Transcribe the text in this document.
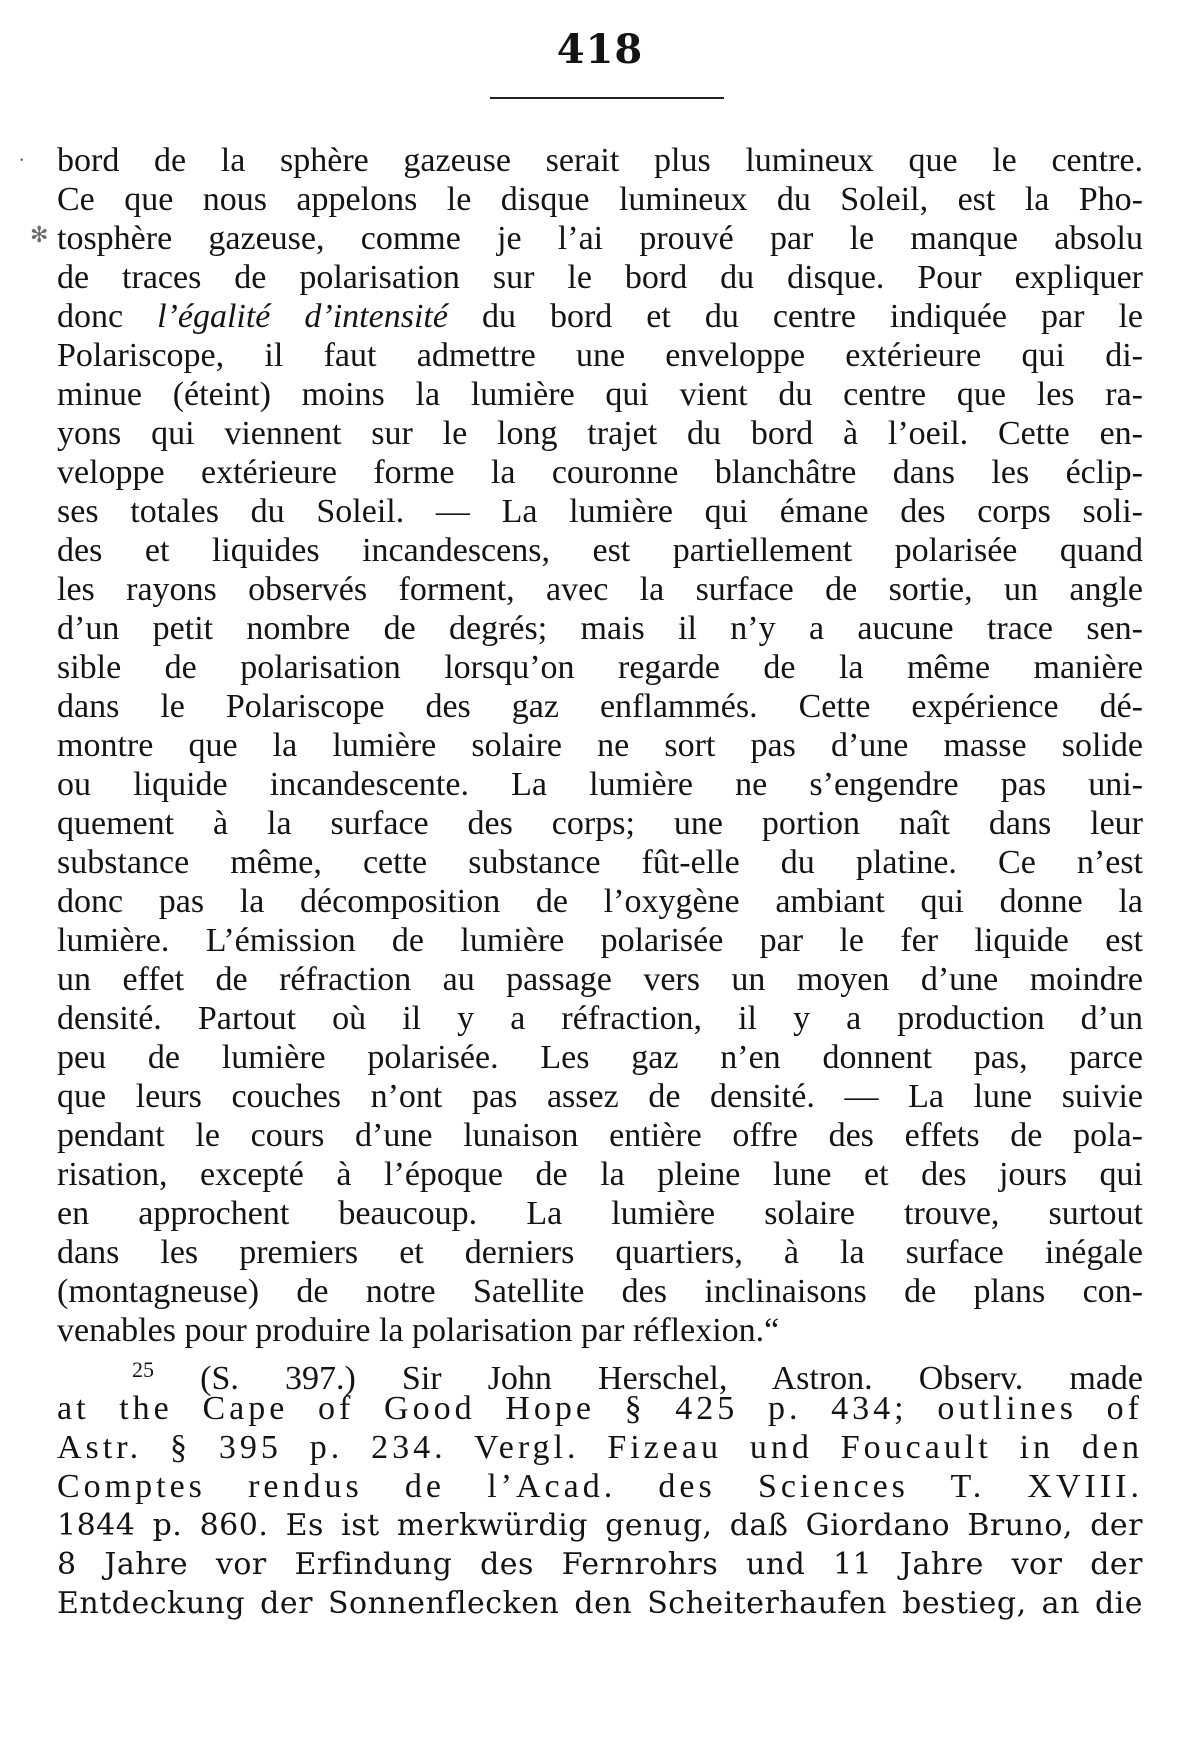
418
·
✻
bord de la sphère gazeuse serait plus lumineux que le centre.
Ce que nous appelons le disque lumineux du Soleil, est la Pho-
tosphère gazeuse, comme je l’ai prouvé par le manque absolu
de traces de polarisation sur le bord du disque. Pour expliquer
donc l’égalité d’intensité du bord et du centre indiquée par le
Polariscope, il faut admettre une enveloppe extérieure qui di-
minue (éteint) moins la lumière qui vient du centre que les ra-
yons qui viennent sur le long trajet du bord à l’oeil. Cette en-
veloppe extérieure forme la couronne blanchâtre dans les éclip-
ses totales du Soleil. — La lumière qui émane des corps soli-
des et liquides incandescens, est partiellement polarisée quand
les rayons observés forment, avec la surface de sortie, un angle
d’un petit nombre de degrés; mais il n’y a aucune trace sen-
sible de polarisation lorsqu’on regarde de la même manière
dans le Polariscope des gaz enflammés. Cette expérience dé-
montre que la lumière solaire ne sort pas d’une masse solide
ou liquide incandescente. La lumière ne s’engendre pas uni-
quement à la surface des corps; une portion naît dans leur
substance même, cette substance fût-elle du platine. Ce n’est
donc pas la décomposition de l’oxygène ambiant qui donne la
lumière. L’émission de lumière polarisée par le fer liquide est
un effet de réfraction au passage vers un moyen d’une moindre
densité. Partout où il y a réfraction, il y a production d’un
peu de lumière polarisée. Les gaz n’en donnent pas, parce
que leurs couches n’ont pas assez de densité. — La lune suivie
pendant le cours d’une lunaison entière offre des effets de pola-
risation, excepté à l’époque de la pleine lune et des jours qui
en approchent beaucoup. La lumière solaire trouve, surtout
dans les premiers et derniers quartiers, à la surface inégale
(montagneuse) de notre Satellite des inclinaisons de plans con-
venables pour produire la polarisation par réflexion.“
$^{25}$ (S. 397.) Sir John Herschel, Astron. Observ. made
at the Cape of Good Hope § 425 p. 434; outlines of
Astr. § 395 p. 234. Vergl. Fizeau und Foucault in den
Comptes rendus de l’Acad. des Sciences T. XVIII.
1844 p. 860. Es ist merkwürdig genug, daß Giordano Bruno, der
8 Jahre vor Erfindung des Fernrohrs und 11 Jahre vor der
Entdeckung der Sonnenflecken den Scheiterhaufen bestieg, an die
